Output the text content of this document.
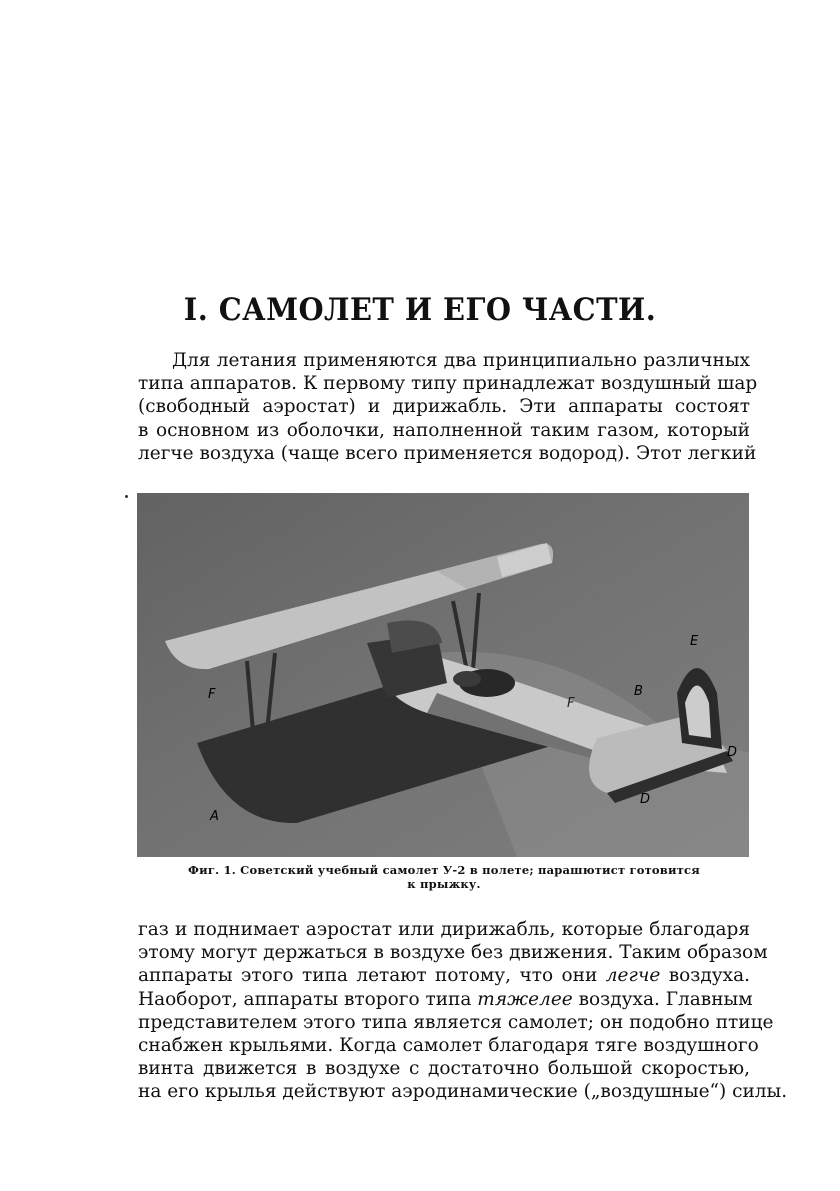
I. САМОЛЕТ И ЕГО ЧАСТИ.
Для летания применяются два принципиально различных
типа аппаратов. К первому типу принадлежат воздушный шар
(свободный аэростат) и дирижабль. Эти аппараты состоят
в основном из оболочки, наполненной таким газом, который
легче воздуха (чаще всего применяется водород). Этот легкий
A
B
D
D
E
F
F
Фиг. 1. Советский учебный самолет У-2 в полете; парашютист готовится
к прыжку.
газ и поднимает аэростат или дирижабль, которые благодаря
этому могут держаться в воздухе без движения. Таким образом
аппараты этого типа летают потому, что они легче воздуха.
Наоборот, аппараты второго типа тяжелее воздуха. Главным
представителем этого типа является самолет; он подобно птице
снабжен крыльями. Когда самолет благодаря тяге воздушного
винта движется в воздухе с достаточно большой скоростью,
на его крылья действуют аэродинамические („воздушные“) силы.
